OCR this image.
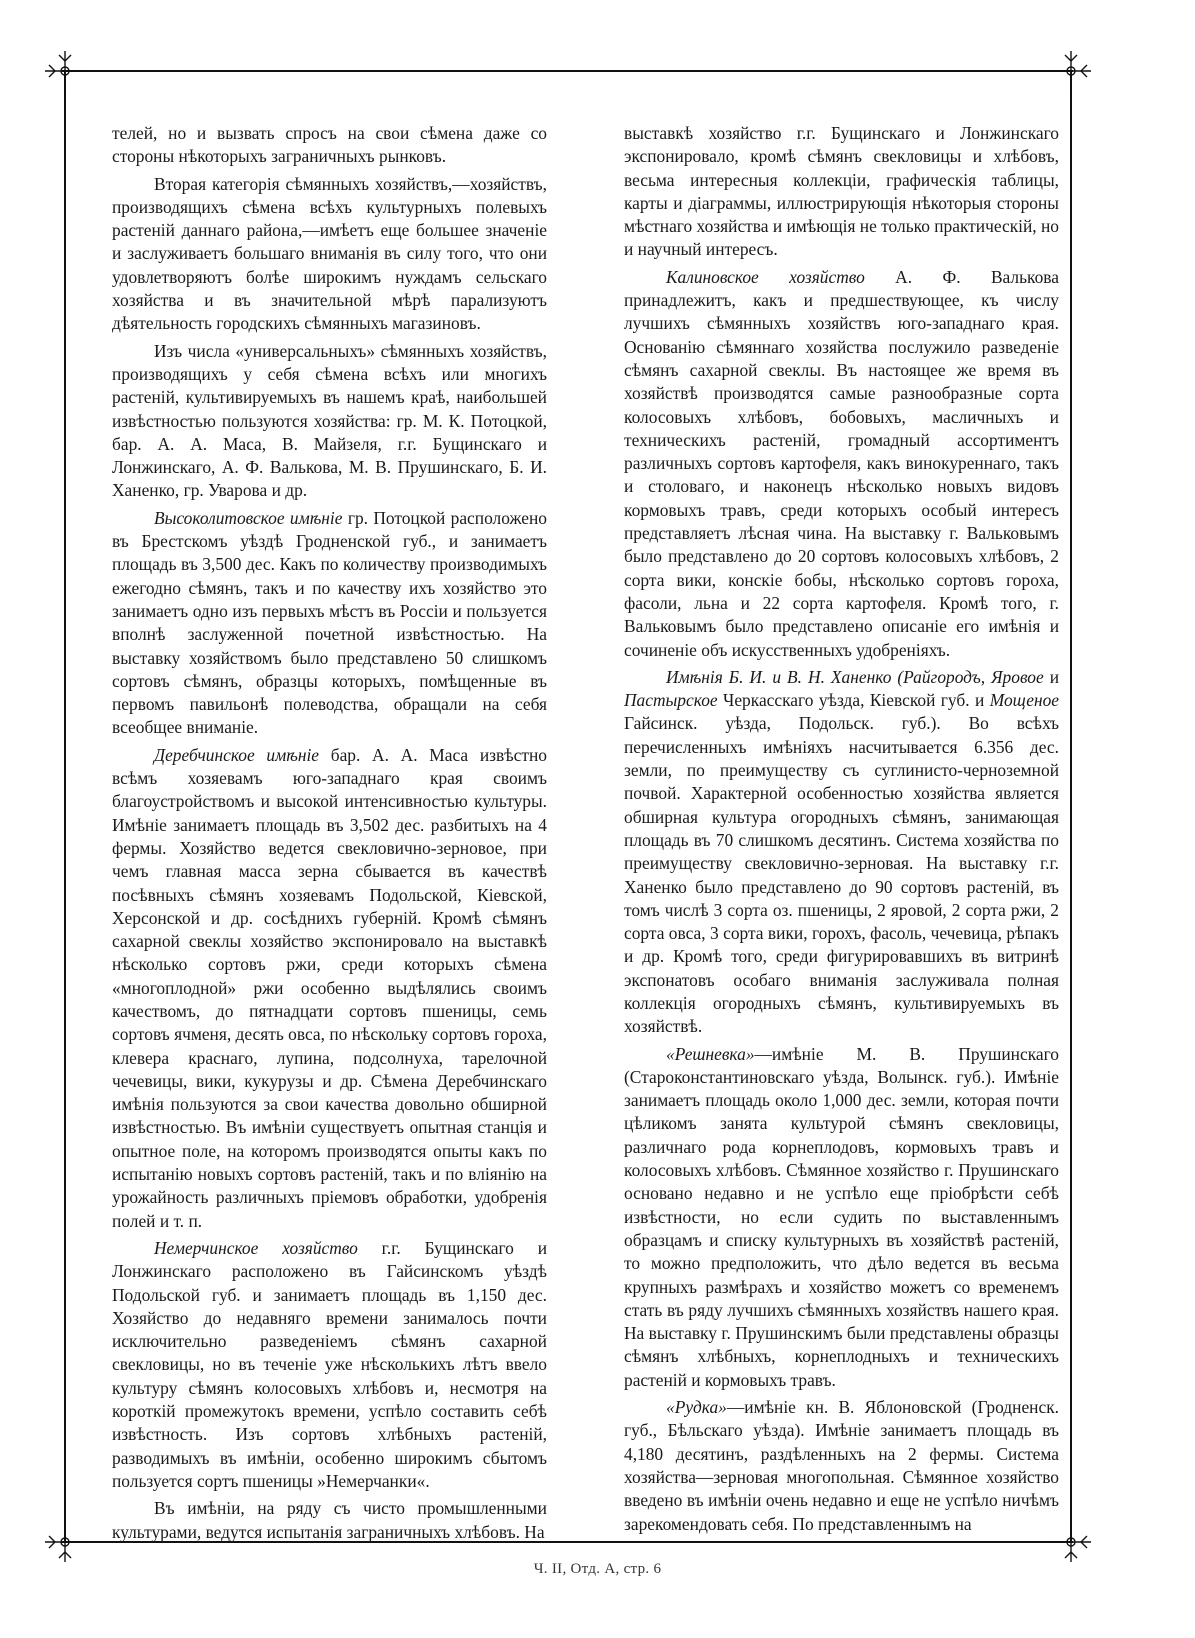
телей, но и вызвать спросъ на свои сѣмена даже со стороны нѣкоторыхъ заграничныхъ рынковъ.

Вторая категорія сѣмянныхъ хозяйствъ,—хозяйствъ, производящихъ сѣмена всѣхъ культурныхъ полевыхъ растеній даннаго района,—имѣетъ еще большее значеніе и заслуживаетъ большаго вниманія въ силу того, что они удовлетворяютъ болѣе широкимъ нуждамъ сельскаго хозяйства и въ значительной мѣрѣ парализуютъ дѣятельность городскихъ сѣмянныхъ магазиновъ.

Изъ числа «универсальныхъ» сѣмянныхъ хозяйствъ, производящихъ у себя сѣмена всѣхъ или многихъ растеній, культивируемыхъ въ нашемъ краѣ, наибольшей извѣстностью пользуются хозяйства: гр. М. К. Потоцкой, бар. А. А. Маса, В. Майзеля, г.г. Бущинскаго и Лонжинскаго, А. Ф. Валькова, М. В. Прушинскаго, Б. И. Ханенко, гр. Уварова и др.

Высоколитовское имѣніе гр. Потоцкой расположено въ Брестскомъ уѣздѣ Гродненской губ., и занимаетъ площадь въ 3,500 дес. Какъ по количеству производимыхъ ежегодно сѣмянъ, такъ и по качеству ихъ хозяйство это занимаетъ одно изъ первыхъ мѣстъ въ Россіи и пользуется вполнѣ заслуженной почетной извѣстностью. На выставку хозяйствомъ было представлено 50 слишкомъ сортовъ сѣмянъ, образцы которыхъ, помѣщенные въ первомъ павильонѣ полеводства, обращали на себя всеобщее вниманіе.

Деребчинское имѣніе бар. А. А. Маса извѣстно всѣмъ хозяевамъ юго-западнаго края своимъ благоустройствомъ и высокой интенсивностью культуры. Имѣніе занимаетъ площадь въ 3,502 дес. разбитыхъ на 4 фермы. Хозяйство ведется свекловично-зерновое, при чемъ главная масса зерна сбывается въ качествѣ посѣвныхъ сѣмянъ хозяевамъ Подольской, Кіевской, Херсонской и др. сосѣднихъ губерній. Кромѣ сѣмянъ сахарной свеклы хозяйство экспонировало на выставкѣ нѣсколько сортовъ ржи, среди которыхъ сѣмена «многоплодной» ржи особенно выдѣлялись своимъ качествомъ, до пятнадцати сортовъ пшеницы, семь сортовъ ячменя, десять овса, по нѣскольку сортовъ гороха, клевера краснаго, лупина, подсолнуха, тарелочной чечевицы, вики, кукурузы и др. Сѣмена Деребчинскаго имѣнія пользуются за свои качества довольно обширной извѣстностью. Въ имѣніи существуетъ опытная станція и опытное поле, на которомъ производятся опыты какъ по испытанію новыхъ сортовъ растеній, такъ и по вліянію на урожайность различныхъ пріемовъ обработки, удобренія полей и т. п.

Немерчинское хозяйство г.г. Бущинскаго и Лонжинскаго расположено въ Гайсинскомъ уѣздѣ Подольской губ. и занимаетъ площадь въ 1,150 дес. Хозяйство до недавняго времени занималось почти исключительно разведеніемъ сѣмянъ сахарной свекловицы, но въ теченіе уже нѣсколькихъ лѣтъ ввело культуру сѣмянъ колосовыхъ хлѣбовъ и, несмотря на короткій промежутокъ времени, успѣло составить себѣ извѣстность. Изъ сортовъ хлѣбныхъ растеній, разводимыхъ въ имѣніи, особенно широкимъ сбытомъ пользуется сортъ пшеницы »Немерчанки«.

Въ имѣніи, на ряду съ чисто промышленными культурами, ведутся испытанія заграничныхъ хлѣбовъ. На

выставкѣ хозяйство г.г. Бущинскаго и Лонжинскаго экспонировало, кромѣ сѣмянъ свекловицы и хлѣбовъ, весьма интересныя коллекціи, графическія таблицы, карты и діаграммы, иллюстрирующія нѣкоторыя стороны мѣстнаго хозяйства и имѣющія не только практическій, но и научный интересъ.

Калиновское хозяйство А. Ф. Валькова принадлежитъ, какъ и предшествующее, къ числу лучшихъ сѣмянныхъ хозяйствъ юго-западнаго края. Основанію сѣмяннаго хозяйства послужило разведеніе сѣмянъ сахарной свеклы. Въ настоящее же время въ хозяйствѣ производятся самые разнообразные сорта колосовыхъ хлѣбовъ, бобовыхъ, масличныхъ и техническихъ растеній, громадный ассортиментъ различныхъ сортовъ картофеля, какъ винокуреннаго, такъ и столоваго, и наконецъ нѣсколько новыхъ видовъ кормовыхъ травъ, среди которыхъ особый интересъ представляетъ лѣсная чина. На выставку г. Вальковымъ было представлено до 20 сортовъ колосовыхъ хлѣбовъ, 2 сорта вики, конскіе бобы, нѣсколько сортовъ гороха, фасоли, льна и 22 сорта картофеля. Кромѣ того, г. Вальковымъ было представлено описаніе его имѣнія и сочиненіе объ искусственныхъ удобреніяхъ.

Имѣнія Б. И. и В. Н. Ханенко (Райгородъ, Яровое и Пастырское Черкасскаго уѣзда, Кіевской губ. и Мощеное Гайсинск. уѣзда, Подольск. губ.). Во всѣхъ перечисленныхъ имѣніяхъ насчитывается 6.356 дес. земли, по преимуществу съ суглинисто-черноземной почвой. Характерной особенностью хозяйства является обширная культура огородныхъ сѣмянъ, занимающая площадь въ 70 слишкомъ десятинъ. Система хозяйства по преимуществу свекловично-зерновая. На выставку г.г. Ханенко было представлено до 90 сортовъ растеній, въ томъ числѣ 3 сорта оз. пшеницы, 2 яровой, 2 сорта ржи, 2 сорта овса, 3 сорта вики, горохъ, фасоль, чечевица, рѣпакъ и др. Кромѣ того, среди фигурировавшихъ въ витринѣ экспонатовъ особаго вниманія заслуживала полная коллекція огородныхъ сѣмянъ, культивируемыхъ въ хозяйствѣ.

«Решневка»—имѣніе М. В. Прушинскаго (Староконстантиновскаго уѣзда, Волынск. губ.). Имѣніе занимаетъ площадь около 1,000 дес. земли, которая почти цѣликомъ занята культурой сѣмянъ свекловицы, различнаго рода корнеплодовъ, кормовыхъ травъ и колосовыхъ хлѣбовъ. Сѣмянное хозяйство г. Прушинскаго основано недавно и не успѣло еще пріобрѣсти себѣ извѣстности, но если судить по выставленнымъ образцамъ и списку культурныхъ въ хозяйствѣ растеній, то можно предположить, что дѣло ведется въ весьма крупныхъ размѣрахъ и хозяйство можетъ со временемъ стать въ ряду лучшихъ сѣмянныхъ хозяйствъ нашего края. На выставку г. Прушинскимъ были представлены образцы сѣмянъ хлѣбныхъ, корнеплодныхъ и техническихъ растеній и кормовыхъ травъ.

«Рудка»—имѣніе кн. В. Яблоновской (Гродненск. губ., Бѣльскаго уѣзда). Имѣніе занимаетъ площадь въ 4,180 десятинъ, раздѣленныхъ на 2 фермы. Система хозяйства—зерновая многопольная. Сѣмянное хозяйство введено въ имѣніи очень недавно и еще не успѣло ничѣмъ зарекомендовать себя. По представленнымъ на

Ч. II, Отд. А, стр. 6
